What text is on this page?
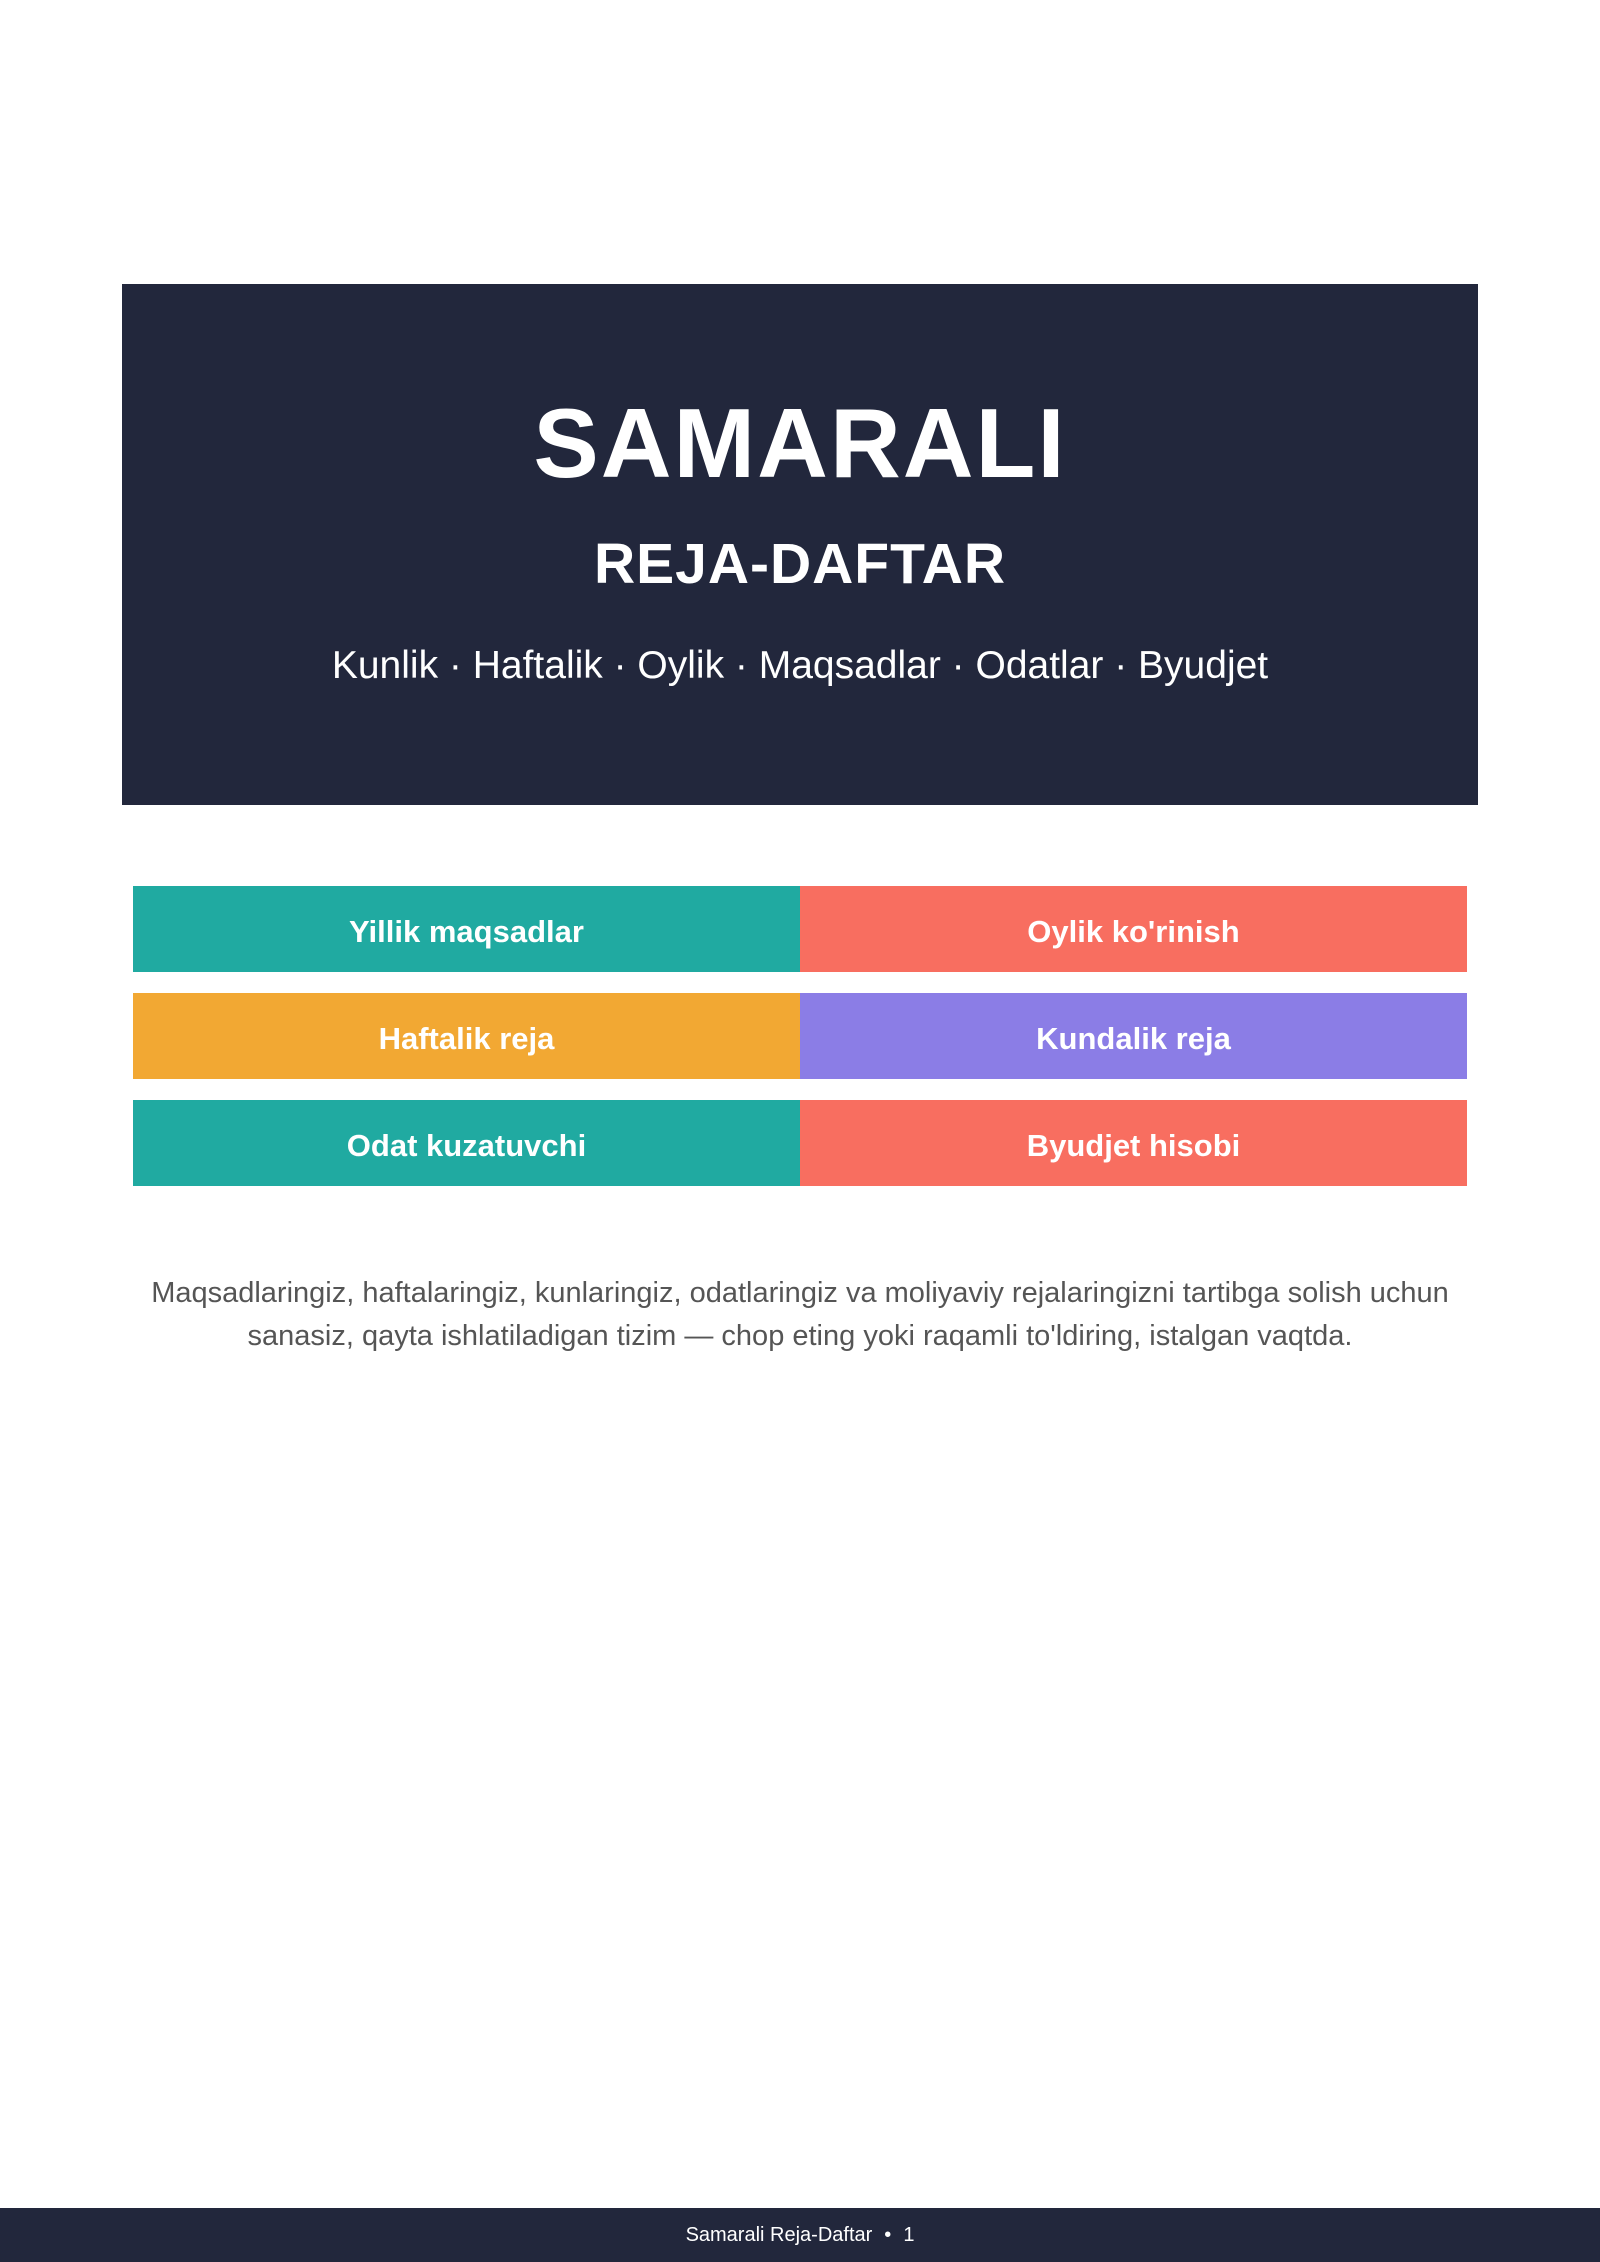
SAMARALI
REJA-DAFTAR

Kunlik · Haftalik · Oylik · Maqsadlar · Odatlar · Byudjet

Yillik maqsadlar	Oylik ko'rinish
Haftalik reja	Kundalik reja
Odat kuzatuvchi	Byudjet hisobi

Maqsadlaringiz, haftalaringiz, kunlaringiz, odatlaringiz va moliyaviy rejalaringizni tartibga solish uchun sanasiz, qayta ishlatiladigan tizim — chop eting yoki raqamli to'ldiring, istalgan vaqtda.

Samarali Reja-Daftar • 1
